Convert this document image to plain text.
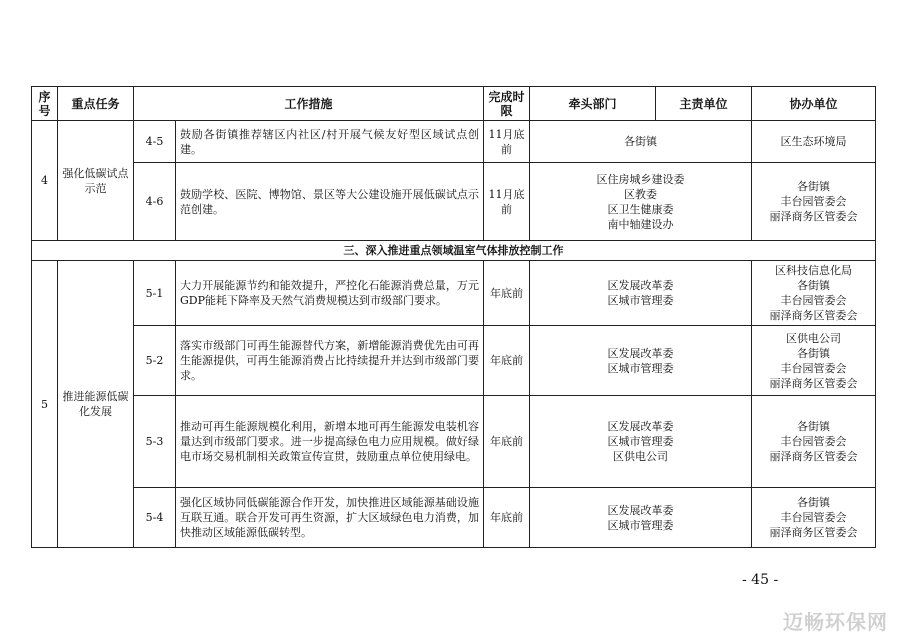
序号	重点任务	工作措施		完成时限	牵头部门	主责单位	协办单位
4	强化低碳试点示范	4-5	鼓励各街镇推荐辖区内社区/村开展气候友好型区域试点创建。	11月底前	各街镇		区生态环境局

		4-6	鼓励学校、医院、博物馆、景区等大公建设施开展低碳试点示范创建。	11月底前	区住房城乡建设委
区教委
区卫生健康委
南中轴建设办		各街镇
丰台园管委会
丽泽商务区管委会

三、深入推进重点领域温室气体排放控制工作							
5	推进能源低碳化发展	5-1	大力开展能源节约和能效提升，严控化石能源消费总量，万元GDP能耗下降率及天然气消费规模达到市级部门要求。	年底前	区发展改革委
区城市管理委		区科技信息化局
各街镇
丰台园管委会
丽泽商务区管委会

		5-2	落实市级部门可再生能源替代方案，新增能源消费优先由可再生能源提供，可再生能源消费占比持续提升并达到市级部门要求。	年底前	区发展改革委
区城市管理委		区供电公司
各街镇
丰台园管委会
丽泽商务区管委会

		5-3	推动可再生能源规模化利用，新增本地可再生能源发电装机容量达到市级部门要求。进一步提高绿色电力应用规模。做好绿电市场交易机制相关政策宣传宣贯，鼓励重点单位使用绿电。	年底前	区发展改革委
区城市管理委
区供电公司		各街镇
丰台园管委会
丽泽商务区管委会

		5-4	强化区域协同低碳能源合作开发，加快推进区域能源基础设施互联互通。联合开发可再生资源，扩大区域绿色电力消费，加快推动区域能源低碳转型。	年底前	区发展改革委
区城市管理委		各街镇
丰台园管委会
丽泽商务区管委会
- 45 -
迈畅环保网
